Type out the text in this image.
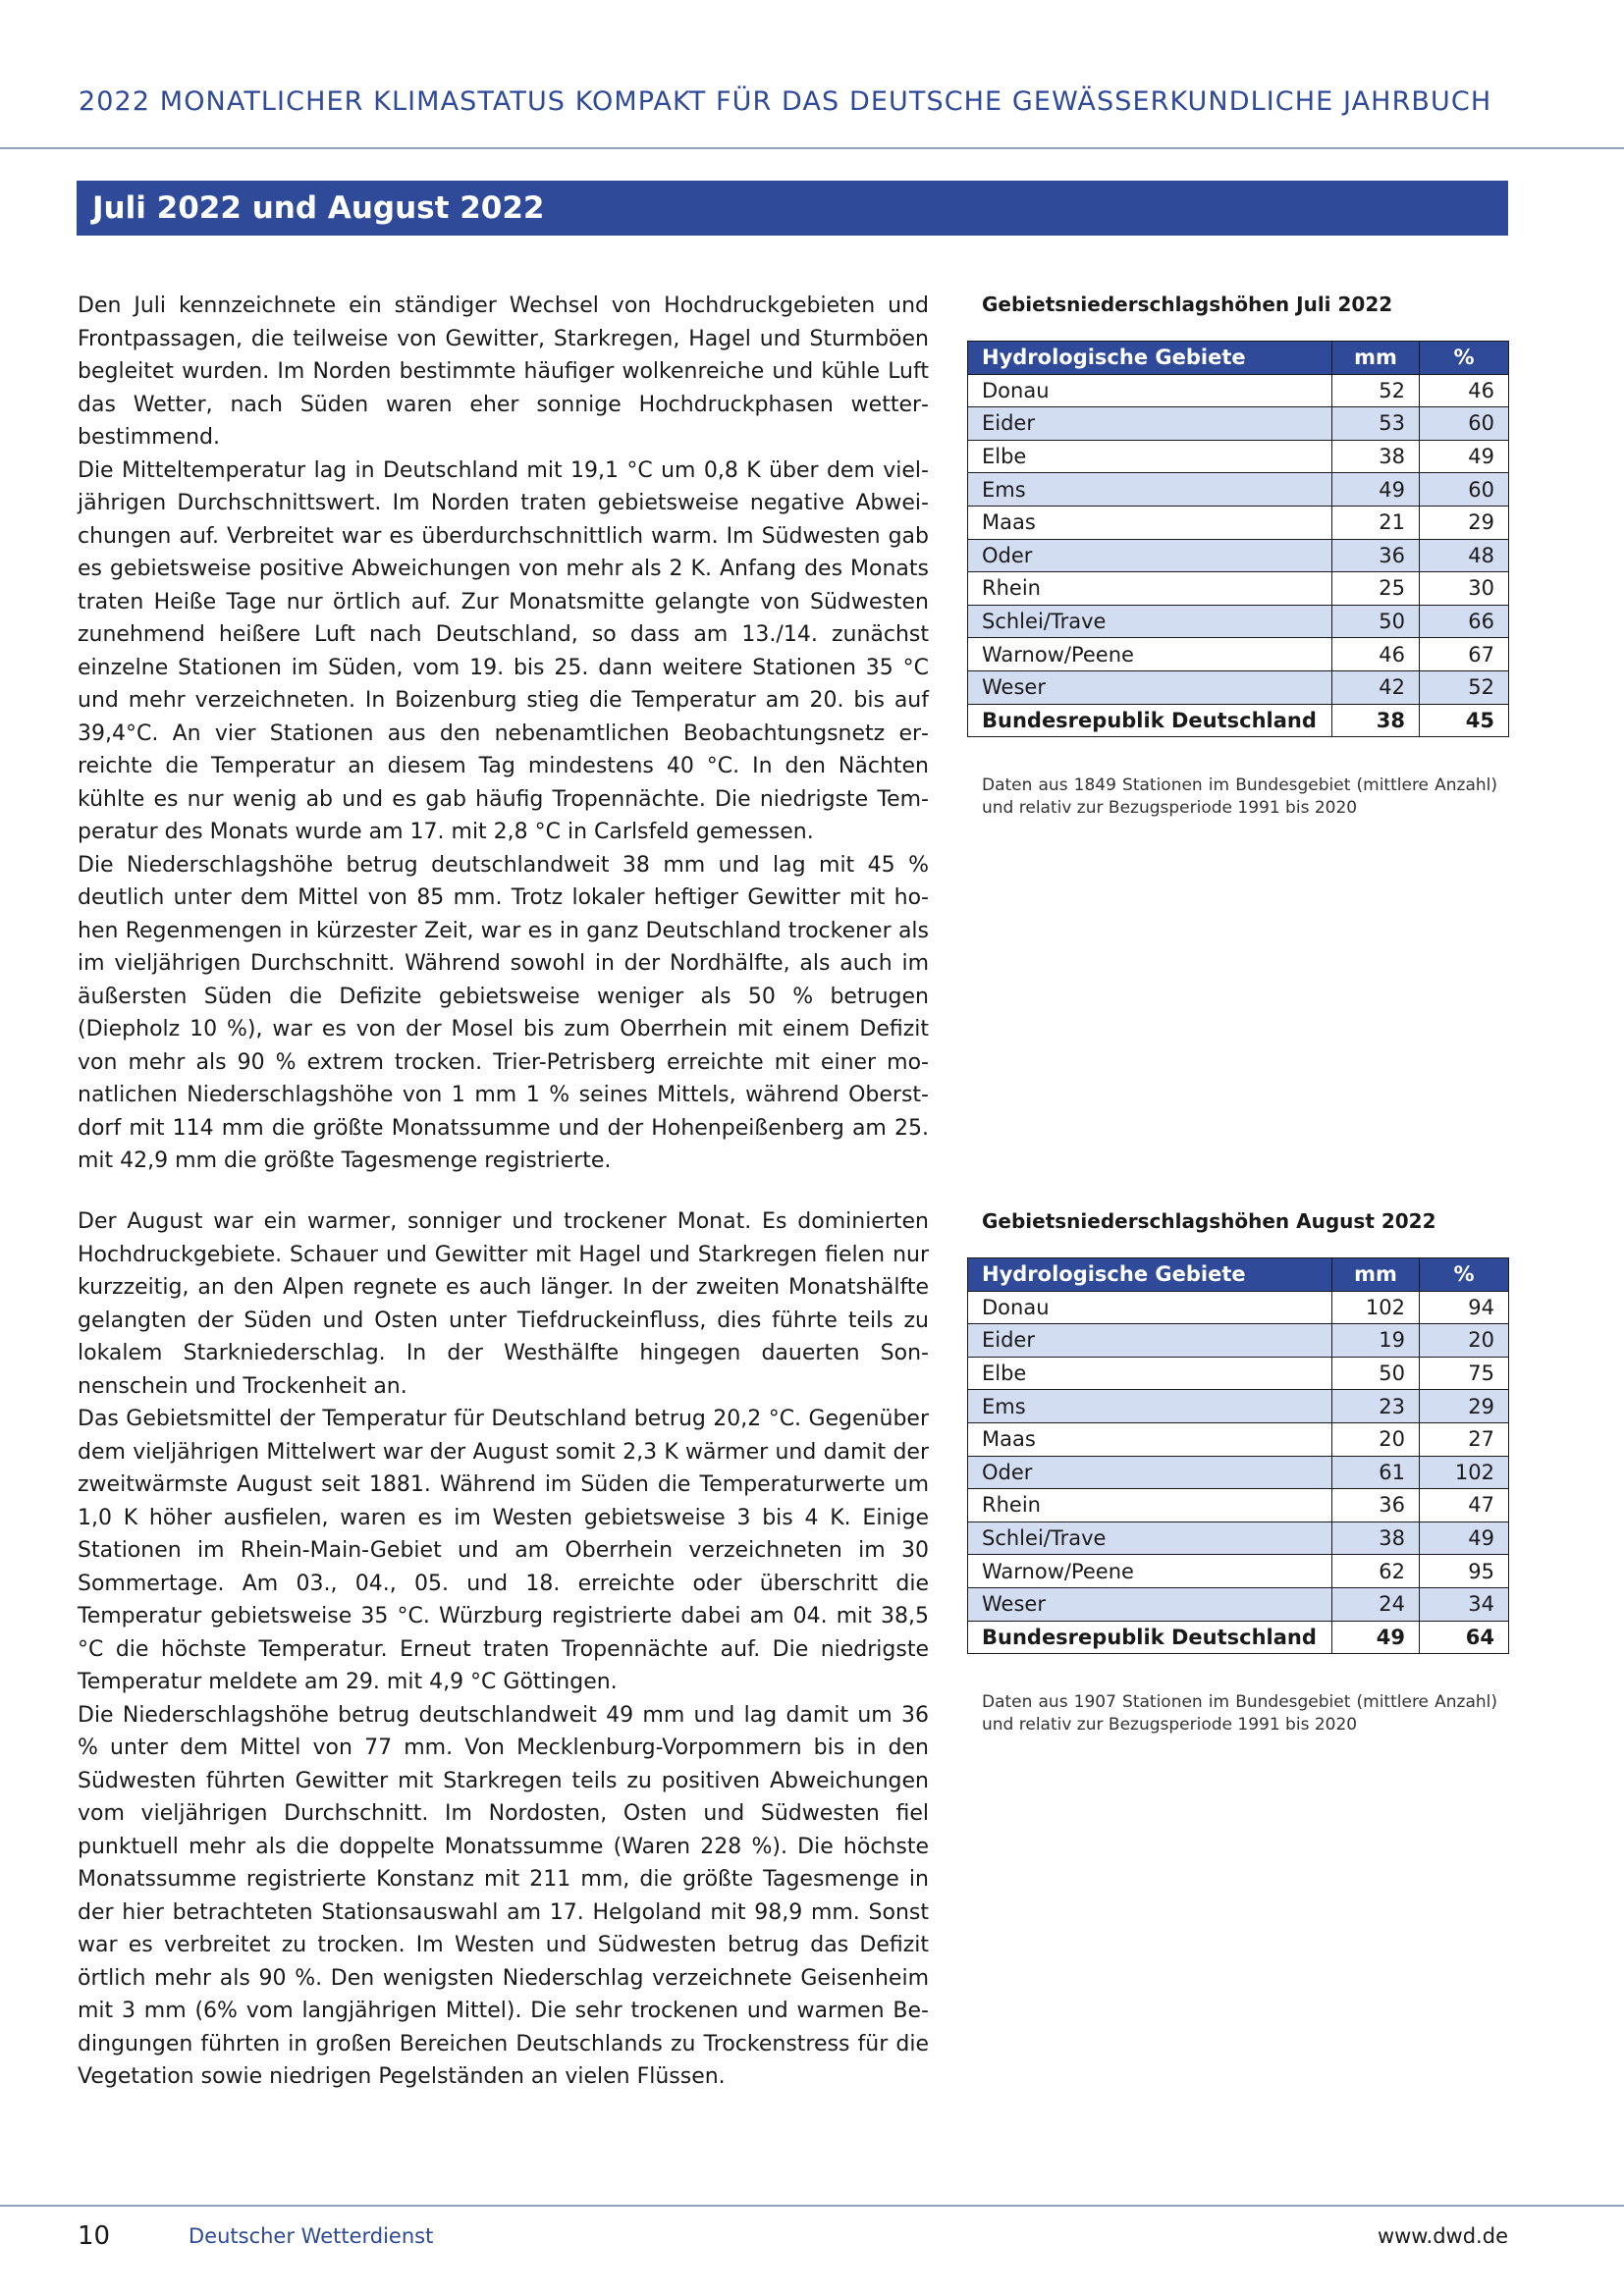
2022 MONATLICHER KLIMASTATUS KOMPAKT FÜR DAS DEUTSCHE GEWÄSSERKUNDLICHE JAHRBUCH
Juli 2022 und August 2022

Den Juli kennzeichnete ein ständiger Wechsel von Hochdruckgebieten und Frontpassagen, die teilweise von Gewitter, Starkregen, Hagel und Sturmböen begleitet wurden. Im Norden bestimmte häufiger wolkenreiche und kühle Luft das Wetter, nach Süden waren eher sonnige Hochdruckphasen wetterbestimmend.

Die Mitteltemperatur lag in Deutschland mit 19,1 °C um 0,8 K über dem vieljährigen Durchschnittswert. Im Norden traten gebietsweise negative Abweichungen auf. Verbreitet war es überdurchschnittlich warm. Im Südwesten gab es gebietsweise positive Abweichungen von mehr als 2 K. Anfang des Monats traten Heiße Tage nur örtlich auf. Zur Monatsmitte gelangte von Südwesten zunehmend heißere Luft nach Deutschland, so dass am 13./14. zunächst einzelne Stationen im Süden, vom 19. bis 25. dann weitere Stationen 35 °C und mehr verzeichneten. In Boizenburg stieg die Temperatur am 20. bis auf 39,4°C. An vier Stationen aus den nebenamtlichen Beobachtungsnetz erreichte die Temperatur an diesem Tag mindestens 40 °C. In den Nächten kühlte es nur wenig ab und es gab häufig Tropennächte. Die niedrigste Temperatur des Monats wurde am 17. mit 2,8 °C in Carlsfeld gemessen.

Die Niederschlagshöhe betrug deutschlandweit 38 mm und lag mit 45 % deutlich unter dem Mittel von 85 mm. Trotz lokaler heftiger Gewitter mit hohen Regenmengen in kürzester Zeit, war es in ganz Deutschland trockener als im vieljährigen Durchschnitt. Während sowohl in der Nordhälfte, als auch im äußersten Süden die Defizite gebietsweise weniger als 50 % betrugen (Diepholz 10 %), war es von der Mosel bis zum Oberrhein mit einem Defizit von mehr als 90 % extrem trocken. Trier-Petrisberg erreichte mit einer monatlichen Niederschlagshöhe von 1 mm 1 % seines Mittels, während Oberstdorf mit 114 mm die größte Monatssumme und der Hohenpeißenberg am 25. mit 42,9 mm die größte Tagesmenge registrierte.

Gebietsniederschlagshöhen Juli 2022
Hydrologische Gebiete	mm	%
Donau	52	46
Eider	53	60
Elbe	38	49
Ems	49	60
Maas	21	29
Oder	36	48
Rhein	25	30
Schlei/Trave	50	66
Warnow/Peene	46	67
Weser	42	52
Bundesrepublik Deutschland	38	45
Daten aus 1849 Stationen im Bundesgebiet (mittlere Anzahl) und relativ zur Bezugsperiode 1991 bis 2020

Der August war ein warmer, sonniger und trockener Monat. Es dominierten Hochdruckgebiete. Schauer und Gewitter mit Hagel und Starkregen fielen nur kurzzeitig, an den Alpen regnete es auch länger. In der zweiten Monatshälfte gelangten der Süden und Osten unter Tiefdruckeinfluss, dies führte teils zu lokalem Starkniederschlag. In der Westhälfte hingegen dauerten Sonnenschein und Trockenheit an.

Das Gebietsmittel der Temperatur für Deutschland betrug 20,2 °C. Gegenüber dem vieljährigen Mittelwert war der August somit 2,3 K wärmer und damit der zweitwärmste August seit 1881. Während im Süden die Temperaturwerte um 1,0 K höher ausfielen, waren es im Westen gebietsweise 3 bis 4 K. Einige Stationen im Rhein-Main-Gebiet und am Oberrhein verzeichneten im 30 Sommertage. Am 03., 04., 05. und 18. erreichte oder überschritt die Temperatur gebietsweise 35 °C. Würzburg registrierte dabei am 04. mit 38,5 °C die höchste Temperatur. Erneut traten Tropennächte auf. Die niedrigste Temperatur meldete am 29. mit 4,9 °C Göttingen.

Die Niederschlagshöhe betrug deutschlandweit 49 mm und lag damit um 36 % unter dem Mittel von 77 mm. Von Mecklenburg-Vorpommern bis in den Südwesten führten Gewitter mit Starkregen teils zu positiven Abweichungen vom vieljährigen Durchschnitt. Im Nordosten, Osten und Südwesten fiel punktuell mehr als die doppelte Monatssumme (Waren 228 %). Die höchste Monatssumme registrierte Konstanz mit 211 mm, die größte Tagesmenge in der hier betrachteten Stationsauswahl am 17. Helgoland mit 98,9 mm. Sonst war es verbreitet zu trocken. Im Westen und Südwesten betrug das Defizit örtlich mehr als 90 %. Den wenigsten Niederschlag verzeichnete Geisenheim mit 3 mm (6% vom langjährigen Mittel). Die sehr trockenen und warmen Bedingungen führten in großen Bereichen Deutschlands zu Trockenstress für die Vegetation sowie niedrigen Pegelständen an vielen Flüssen.

Gebietsniederschlagshöhen August 2022
Hydrologische Gebiete	mm	%
Donau	102	94
Eider	19	20
Elbe	50	75
Ems	23	29
Maas	20	27
Oder	61	102
Rhein	36	47
Schlei/Trave	38	49
Warnow/Peene	62	95
Weser	24	34
Bundesrepublik Deutschland	49	64
Daten aus 1907 Stationen im Bundesgebiet (mittlere Anzahl) und relativ zur Bezugsperiode 1991 bis 2020
10	Deutscher Wetterdienst	www.dwd.de
